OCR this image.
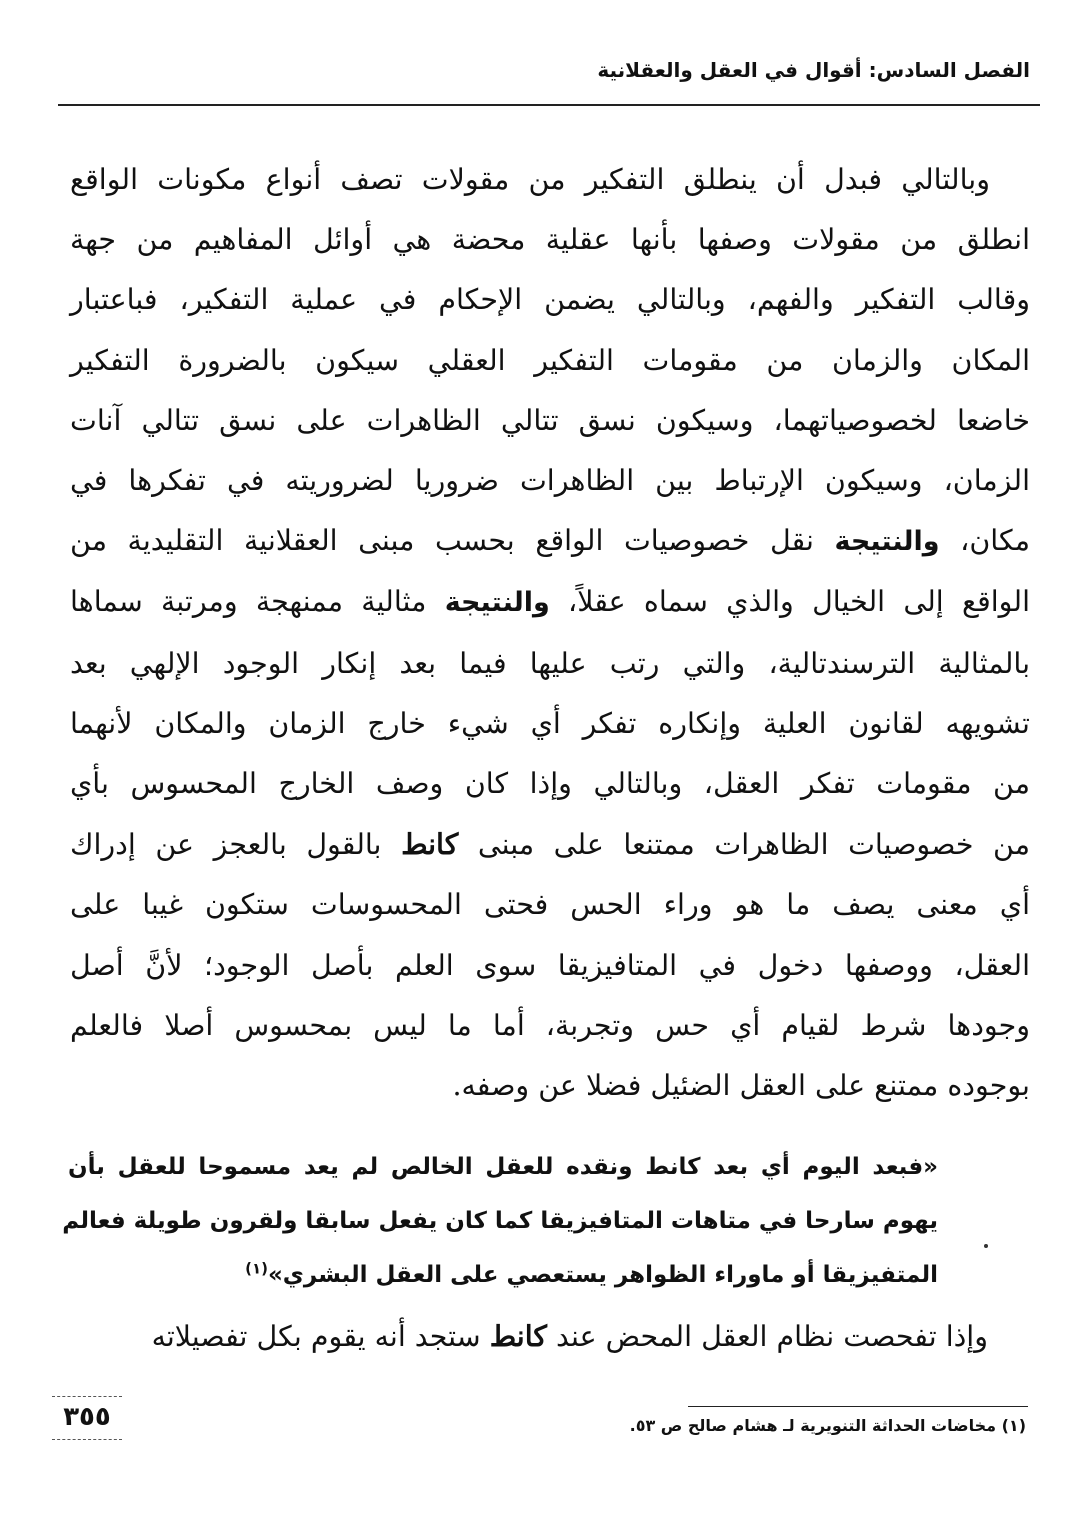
الفصل السادس: أقوال في العقل والعقلانية
وبالتالي فبدل أن ينطلق التفكير من مقولات تصف أنواع مكونات الواقع
انطلق من مقولات وصفها بأنها عقلية محضة هي أوائل المفاهيم من جهة
وقالب التفكير والفهم، وبالتالي يضمن الإحكام في عملية التفكير، فباعتبار
المكان والزمان من مقومات التفكير العقلي سيكون بالضرورة التفكير
خاضعا لخصوصياتهما، وسيكون نسق تتالي الظاهرات على نسق تتالي آنات
الزمان، وسيكون الإرتباط بين الظاهرات ضروريا لضروريته في تفكرها في
مكان، والنتيجة نقل خصوصيات الواقع بحسب مبنى العقلانية التقليدية من
الواقع إلى الخيال والذي سماه عقلاً، والنتيجة مثالية ممنهجة ومرتبة سماها
بالمثالية الترسندتالية، والتي رتب عليها فيما بعد إنكار الوجود الإلهي بعد
تشويهه لقانون العلية وإنكاره تفكر أي شيء خارج الزمان والمكان لأنهما
من مقومات تفكر العقل، وبالتالي وإذا كان وصف الخارج المحسوس بأي
من خصوصيات الظاهرات ممتنعا على مبنى كانط بالقول بالعجز عن إدراك
أي معنى يصف ما هو وراء الحس فحتى المحسوسات ستكون غيبا على
العقل، ووصفها دخول في المتافيزيقا سوى العلم بأصل الوجود؛ لأنَّ أصل
وجودها شرط لقيام أي حس وتجربة، أما ما ليس بمحسوس أصلا فالعلم
بوجوده ممتنع على العقل الضئيل فضلا عن وصفه.
«فبعد اليوم أي بعد كانط ونقده للعقل الخالص لم يعد مسموحا للعقل بأن
يهوم سارحا في متاهات المتافيزيقا كما كان يفعل سابقا ولقرون طويلة فعالم
المتفيزيقا أو ماوراء الظواهر يستعصي على العقل البشري»$^{(١)}$
وإذا تفحصت نظام العقل المحض عند كانط ستجد أنه يقوم بكل تفصيلاته
(١) مخاضات الحداثة التنويرية لـ هشام صالح ص ٥٣.
٣٥٥
